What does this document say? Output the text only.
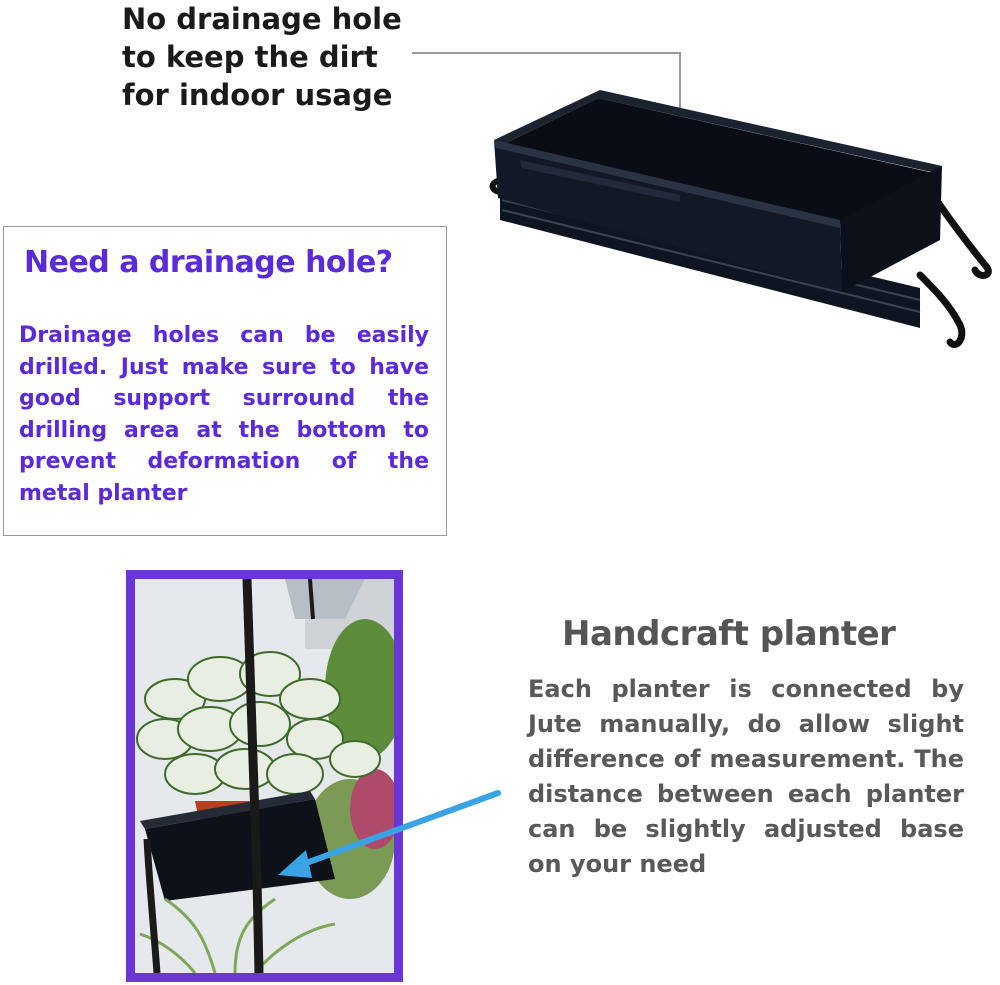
No drainage hole
to keep the dirt
for indoor usage
Need a drainage hole?

Drainage holes can be easily drilled. Just make sure to have good support surround the drilling area at the bottom to prevent deformation of the metal planter

Handcraft planter

Each planter is connected by Jute manually, do allow slight difference of measurement. The distance between each planter can be slightly adjusted base on your need
